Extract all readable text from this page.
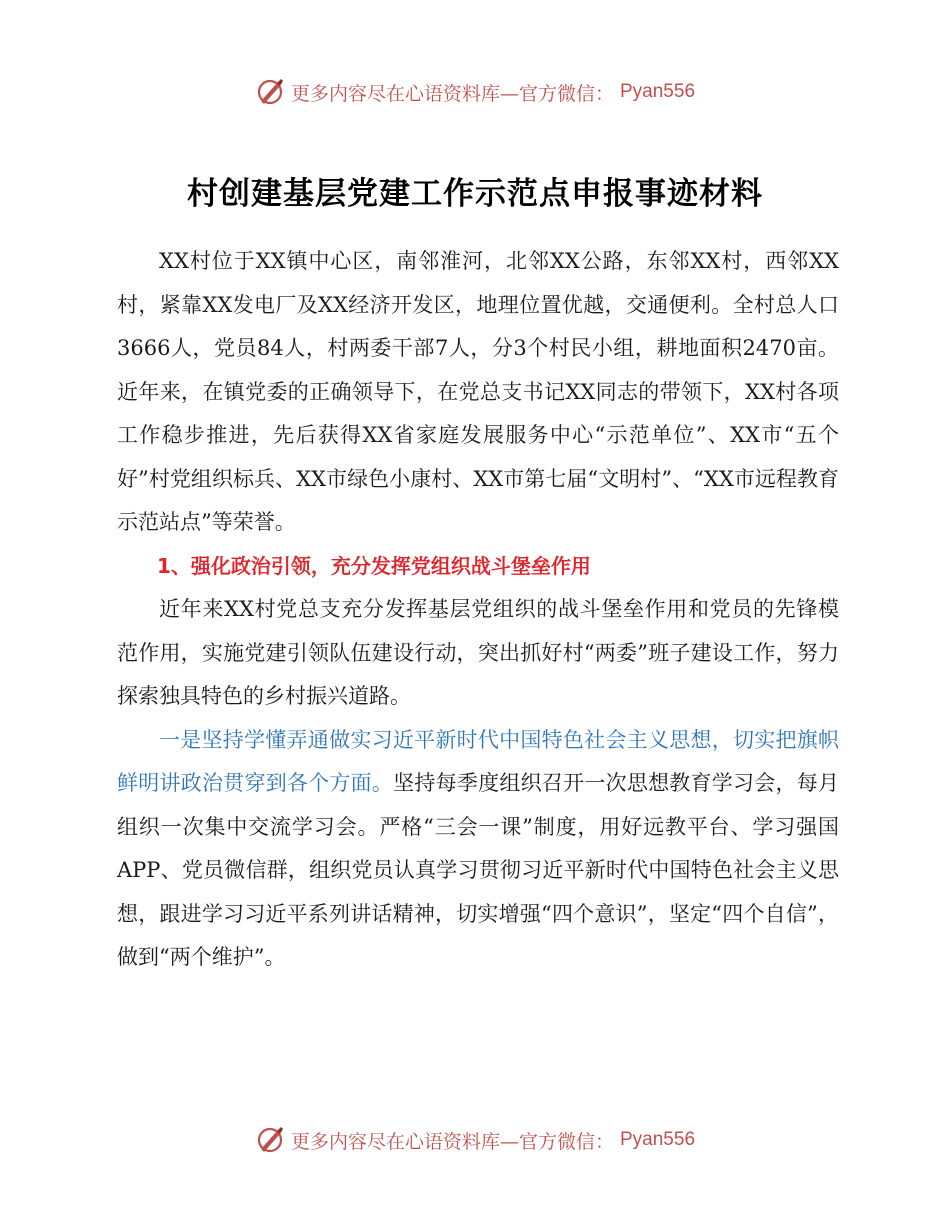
更多内容尽在心语资料库—官方微信： Pyan556
村创建基层党建工作示范点申报事迹材料

XX村位于XX镇中心区，南邻淮河，北邻XX公路，东邻XX村，西邻XX村，紧靠XX发电厂及XX经济开发区，地理位置优越，交通便利。全村总人口3666人，党员84人，村两委干部7人，分3个村民小组，耕地面积2470亩。近年来，在镇党委的正确领导下，在党总支书记XX同志的带领下，XX村各项工作稳步推进，先后获得XX省家庭发展服务中心“示范单位”、XX市“五个好”村党组织标兵、XX市绿色小康村、XX市第七届“文明村”、“XX市远程教育示范站点”等荣誉。

1、强化政治引领，充分发挥党组织战斗堡垒作用

近年来XX村党总支充分发挥基层党组织的战斗堡垒作用和党员的先锋模范作用，实施党建引领队伍建设行动，突出抓好村“两委”班子建设工作，努力探索独具特色的乡村振兴道路。

一是坚持学懂弄通做实习近平新时代中国特色社会主义思想，切实把旗帜鲜明讲政治贯穿到各个方面。坚持每季度组织召开一次思想教育学习会，每月组织一次集中交流学习会。严格“三会一课”制度，用好远教平台、学习强国APP、党员微信群，组织党员认真学习贯彻习近平新时代中国特色社会主义思想，跟进学习习近平系列讲话精神，切实增强“四个意识”，坚定“四个自信”，做到“两个维护”。

更多内容尽在心语资料库—官方微信： Pyan556
